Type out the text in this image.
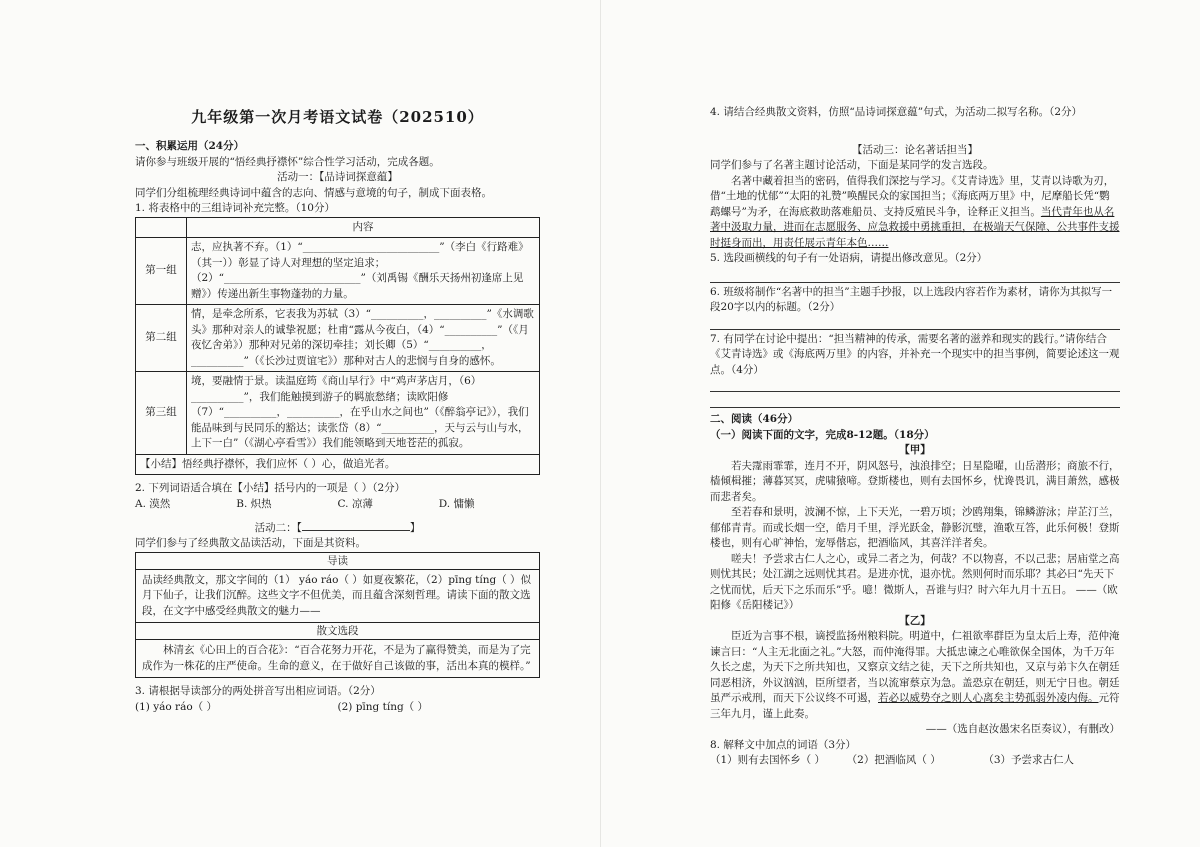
九年级第一次月考语文试卷（202510）

一、积累运用（24分）

请你参与班级开展的“悟经典抒襟怀”综合性学习活动，完成各题。

活动一：【品诗词探意蕴】

同学们分组梳理经典诗词中蕴含的志向、情感与意境的句子，制成下面表格。

1. 将表格中的三组诗词补充完整。（10分）

	内容
第一组	志，应执著不弃。（1）“__________________________”（李白《行路难》（其一））彰显了诗人对理想的坚定追求；（2）“__________________________”（刘禹锡《酬乐天扬州初逢席上见赠》）传递出新生事物蓬勃的力量。
第二组	情，是牵念所系，它表我为苏轼（3）“__________，__________”《水调歌头》那种对亲人的诚挚祝愿；杜甫“露从今夜白，（4）“__________”（《月夜忆舍弟》）那种对兄弟的深切牵挂；刘长卿（5）“__________，__________”（《长沙过贾谊宅》）那种对古人的悲悯与自身的感怀。
第三组	境，要融情于景。读温庭筠《商山早行》中“鸡声茅店月，（6）__________”，我们能触摸到游子的羁旅愁绪；读欧阳修（7）“__________，__________，在乎山水之间也”（《醉翁亭记》），我们能品味到与民同乐的豁达；读张岱（8）“__________，天与云与山与水，上下一白”（《湖心亭看雪》）我们能领略到天地苍茫的孤寂。
【小结】悟经典抒襟怀，我们应怀（ ）心，做追光者。	

2. 下列词语适合填在【小结】括号内的一项是（ ）（2分）

A. 漠然	B. 炽热	C. 凉薄	D. 慵懒

活动二：【	】

同学们参与了经典散文品读活动，下面是其资料。

导读
品读经典散文，那文字间的（1） yáo ráo（ ）如夏夜繁花，（2）pīng tíng（ ）似月下仙子，让我们沉醉。这些文字不但优美，而且蕴含深刻哲理。请读下面的散文选段，在文字中感受经典散文的魅力——
散文选段
林清玄《心田上的百合花》：“百合花努力开花，不是为了赢得赞美，而是为了完成作为一株花的庄严使命。生命的意义，在于做好自己该做的事，活出本真的模样。”

3. 请根据导读部分的两处拼音写出相应词语。（2分）

(1) yáo ráo（ ）	(2) pīng tíng（ ）

4. 请结合经典散文资料，仿照“品诗词探意蕴”句式，为活动二拟写名称。（2分）

【活动三：论名著话担当】

同学们参与了名著主题讨论活动，下面是某同学的发言选段。

名著中藏着担当的密码，值得我们深挖与学习。《艾青诗选》里，艾青以诗歌为刃，借“土地的忧郁”“太阳的礼赞”唤醒民众的家国担当；《海底两万里》中，尼摩船长凭“鹦鹉螺号”为矛，在海底救助落难船员、支持反殖民斗争，诠释正义担当。当代青年也从名著中汲取力量，进而在志愿服务、应急救援中勇挑重担，在极端天气保障、公共事件支援时挺身而出，用责任展示青年本色……

5. 选段画横线的句子有一处语病，请提出修改意见。（2分）

6. 班级将制作“名著中的担当”主题手抄报，以上选段内容若作为素材，请你为其拟写一段20字以内的标题。（2分）

7. 有同学在讨论中提出：“担当精神的传承，需要名著的滋养和现实的践行。”请你结合《艾青诗选》或《海底两万里》的内容，并补充一个现实中的担当事例，简要论述这一观点。（4分）

二、阅读（46分）

（一）阅读下面的文字，完成8-12题。（18分）

【甲】

若夫霪雨霏霏，连月不开，阴风怒号，浊浪排空；日星隐曜，山岳潜形；商旅不行，樯倾楫摧；薄暮冥冥，虎啸猿啼。登斯楼也，则有去国怀乡，忧谗畏讥，满目萧然，感极而悲者矣。

至若春和景明，波澜不惊，上下天光，一碧万顷；沙鸥翔集，锦鳞游泳；岸芷汀兰，郁郁青青。而或长烟一空，皓月千里，浮光跃金，静影沉璧，渔歌互答，此乐何极！登斯楼也，则有心旷神怡，宠辱偕忘，把酒临风，其喜洋洋者矣。

嗟夫！予尝求古仁人之心，或异二者之为，何哉？不以物喜，不以己悲；居庙堂之高则忧其民；处江湖之远则忧其君。是进亦忧，退亦忧。然则何时而乐耶？其必曰“先天下之忧而忧，后天下之乐而乐”乎。噫！微斯人，吾谁与归？时六年九月十五日。 ——（欧阳修《岳阳楼记》）

【乙】

臣近为言事不根，谪授监扬州粮料院。明道中，仁祖欲率群臣为皇太后上寿，范仲淹谏言曰：“人主无北面之礼。”大怒，而仲淹得罪。大抵忠谏之心唯欲保全国体，为千万年久长之虑，为天下之所共知也，又察京文结之徒，天下之所共知也，又京与弟卞久在朝廷同恶相济，外议汹汹，臣所望者，当以流窜蔡京为急。盖恐京在朝廷，则无宁日也。朝廷虽严示戒刑，而天下公议终不可遏，若必以威势夺之则人心离矣主势孤弱外凌内侮。元符三年九月，谨上此奏。

——（选自赵汝愚宋名臣奏议），有删改）

8. 解释文中加点的词语（3分）

（1）则有去国怀乡（ ）	（2）把酒临风（ ）	（3）予尝求古仁人
